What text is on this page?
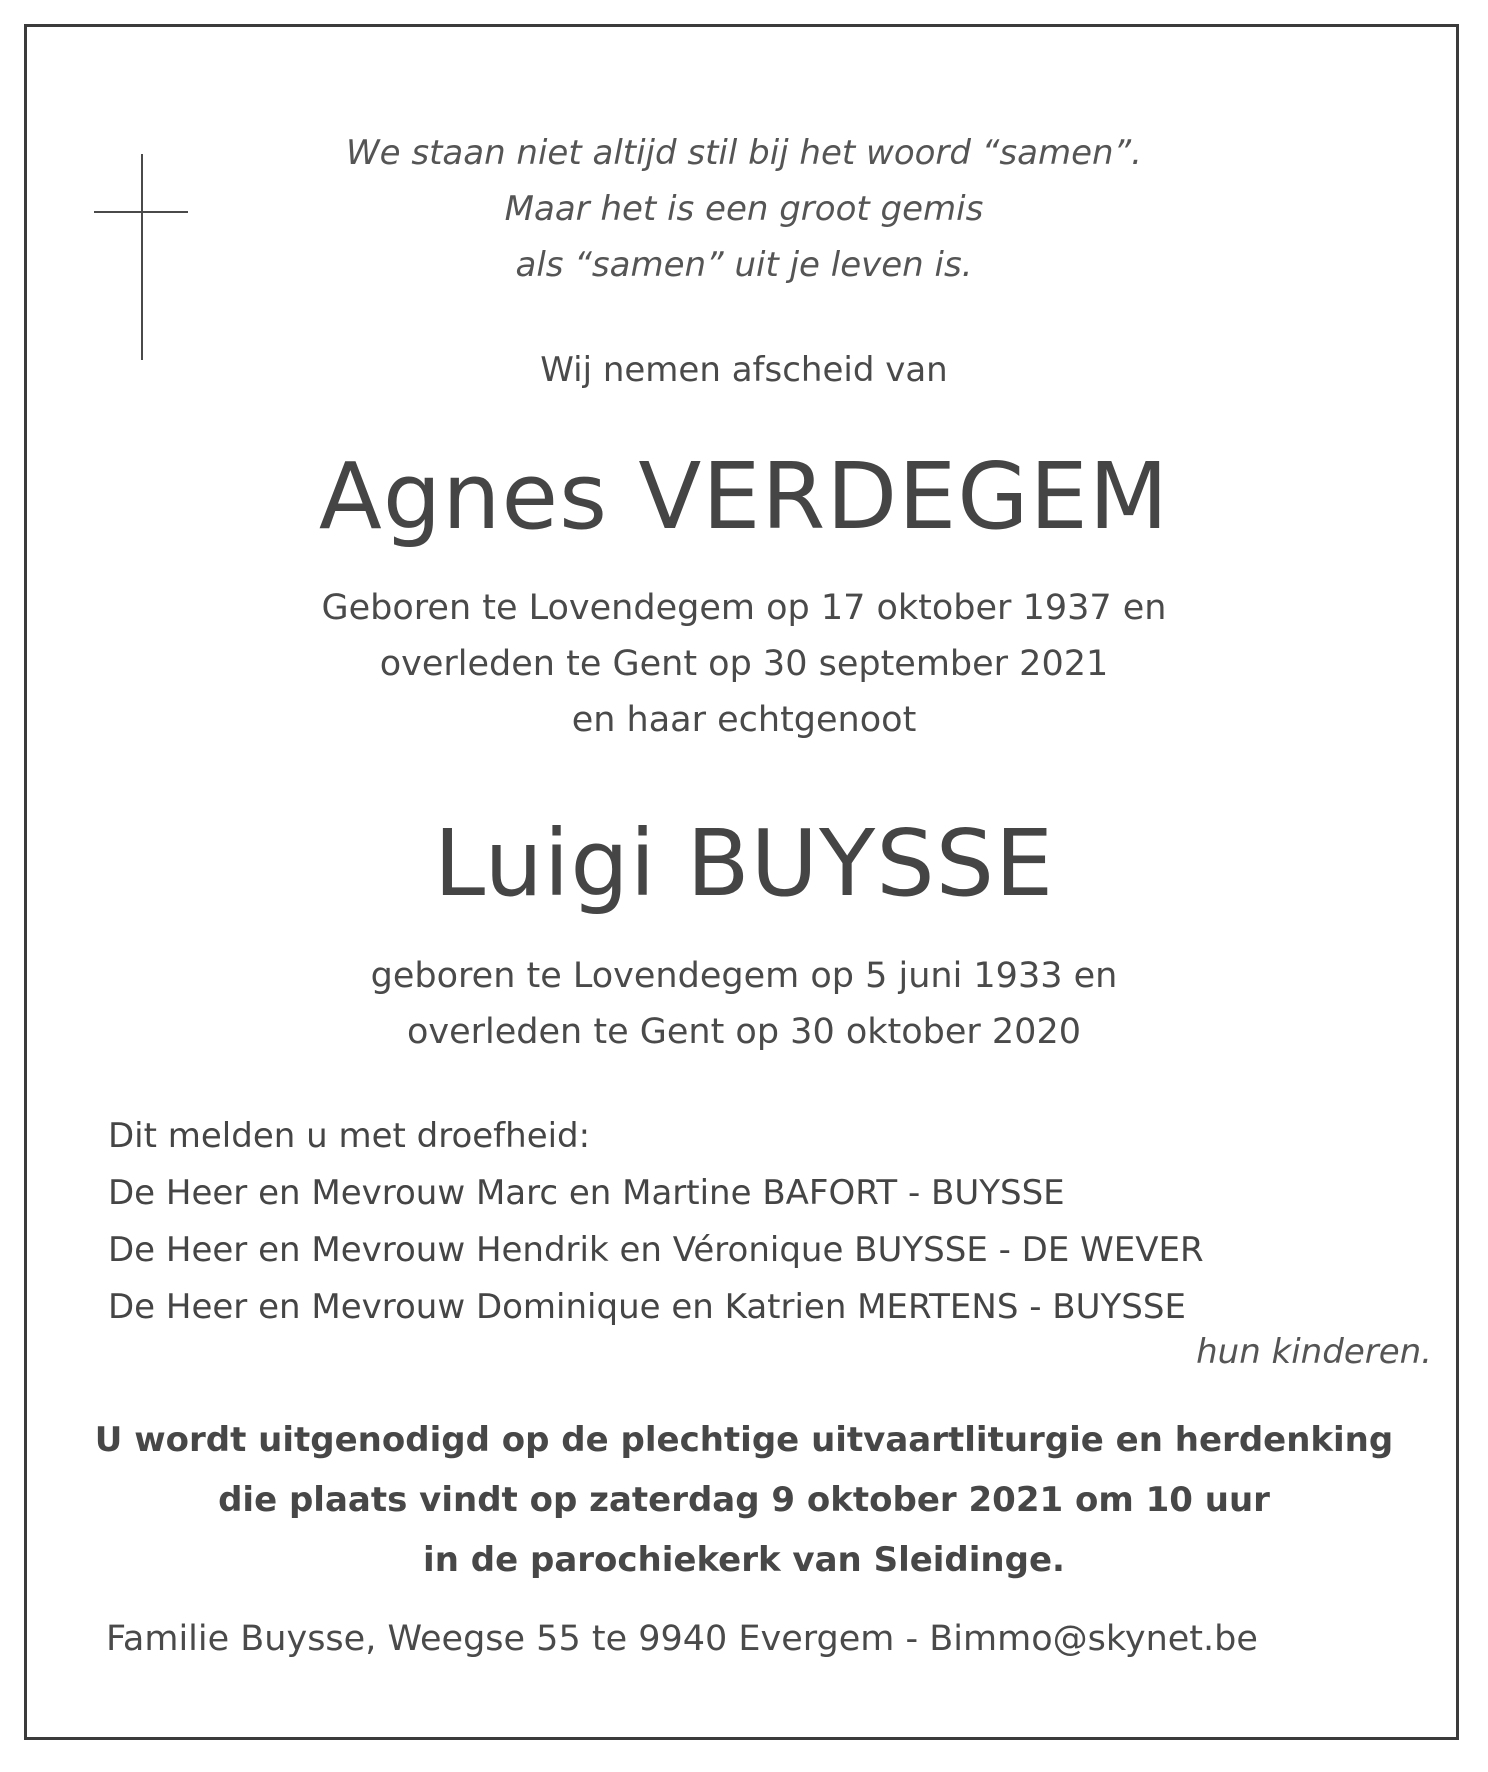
We staan niet altijd stil bij het woord “samen”.
Maar het is een groot gemis
als “samen” uit je leven is.
Wij nemen afscheid van
Agnes VERDEGEM
Geboren te Lovendegem op 17 oktober 1937 en
overleden te Gent op 30 september 2021
en haar echtgenoot
Luigi BUYSSE
geboren te Lovendegem op 5 juni 1933 en
overleden te Gent op 30 oktober 2020
Dit melden u met droefheid:
De Heer en Mevrouw Marc en Martine BAFORT - BUYSSE
De Heer en Mevrouw Hendrik en Véronique BUYSSE - DE WEVER
De Heer en Mevrouw Dominique en Katrien MERTENS - BUYSSE
hun kinderen.
U wordt uitgenodigd op de plechtige uitvaartliturgie en herdenking
die plaats vindt op zaterdag 9 oktober 2021 om 10 uur
in de parochiekerk van Sleidinge.
Familie Buysse, Weegse 55 te 9940 Evergem - Bimmo@skynet.be
